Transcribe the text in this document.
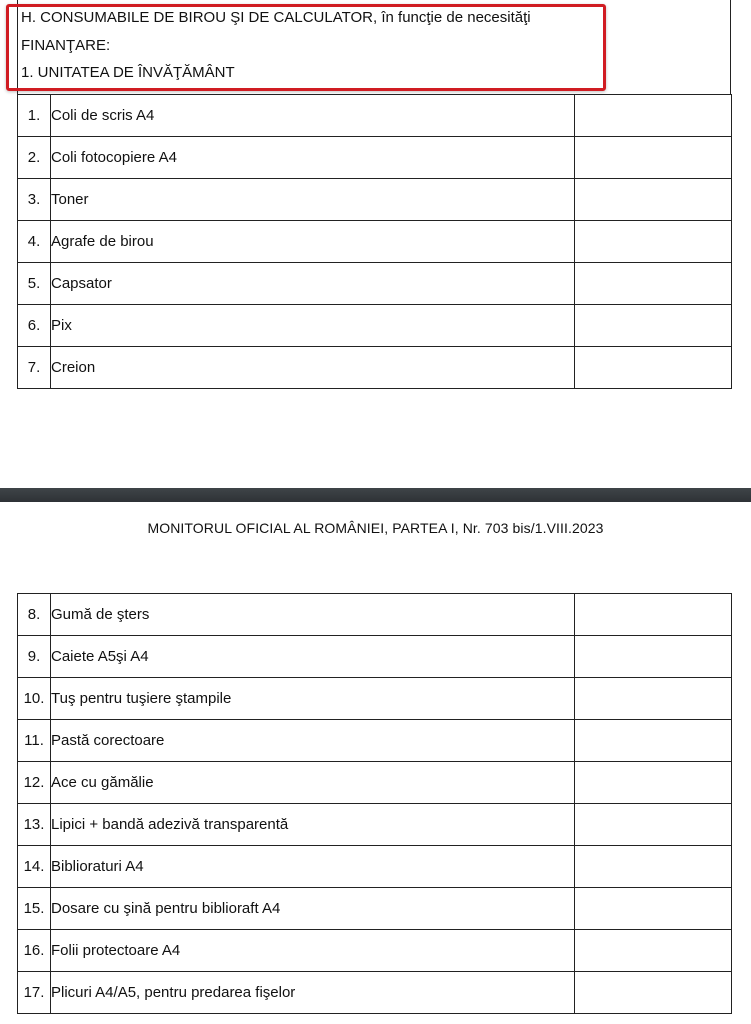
H. CONSUMABILE DE BIROU ŞI DE CALCULATOR, în funcţie de necesităţi
FINANŢARE:
1. UNITATEA DE ÎNVĂŢĂMÂNT
1.	Coli de scris A4	
2.	Coli fotocopiere A4	
3.	Toner	
4.	Agrafe de birou	
5.	Capsator	
6.	Pix	
7.	Creion	
MONITORUL OFICIAL AL ROMÂNIEI, PARTEA I, Nr. 703 bis/1.VIII.2023
8.	Gumă de şters	
9.	Caiete A5şi A4	
10.	Tuş pentru tuşiere ştampile	
11.	Pastă corectoare	
12.	Ace cu gămălie	
13.	Lipici + bandă adezivă transparentă	
14.	Biblioraturi A4	
15.	Dosare cu şină pentru biblioraft A4	
16.	Folii protectoare A4	
17.	Plicuri A4/A5, pentru predarea fişelor	
